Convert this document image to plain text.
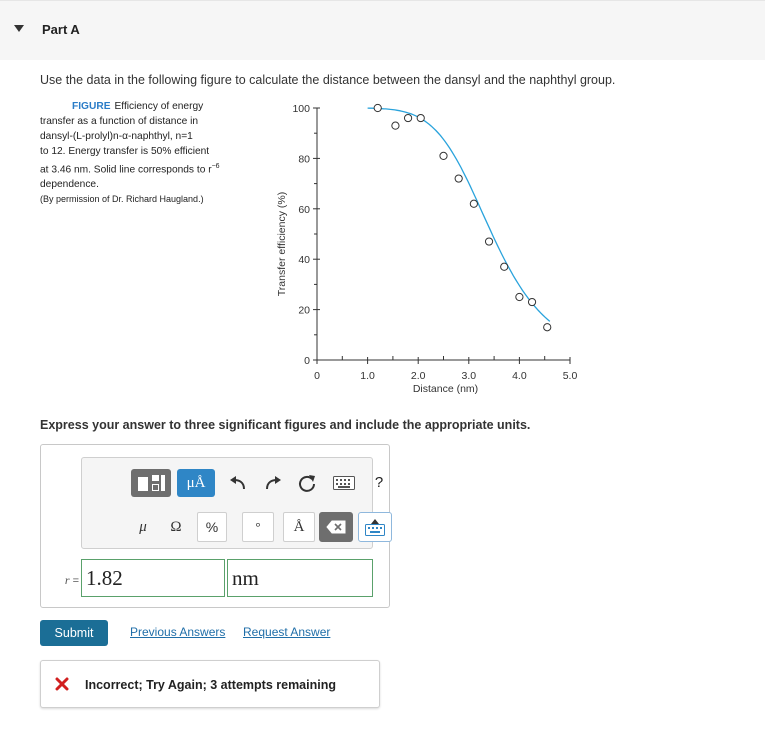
Part A
Use the data in the following figure to calculate the distance between the dansyl and the naphthyl group.
FIGURE Efficiency of energy
transfer as a function of distance in
dansyl-(L-prolyl)n-α-naphthyl, n=1
to 12. Energy transfer is 50% efficient
at 3.46 nm. Solid line corresponds to $r^{-6}$
dependence.
(By permission of Dr. Richard Haugland.)
0
20
40
60
80
100
0	1.0	2.0	3.0	4.0	5.0
Distance (nm)
Transfer efficiency (%)
Express your answer to three significant figures and include the appropriate units.
μÅ	?
μ	Ω	%	°	Å
r = 1.82	nm
Submit	Previous Answers Request Answer
Incorrect; Try Again; 3 attempts remaining
